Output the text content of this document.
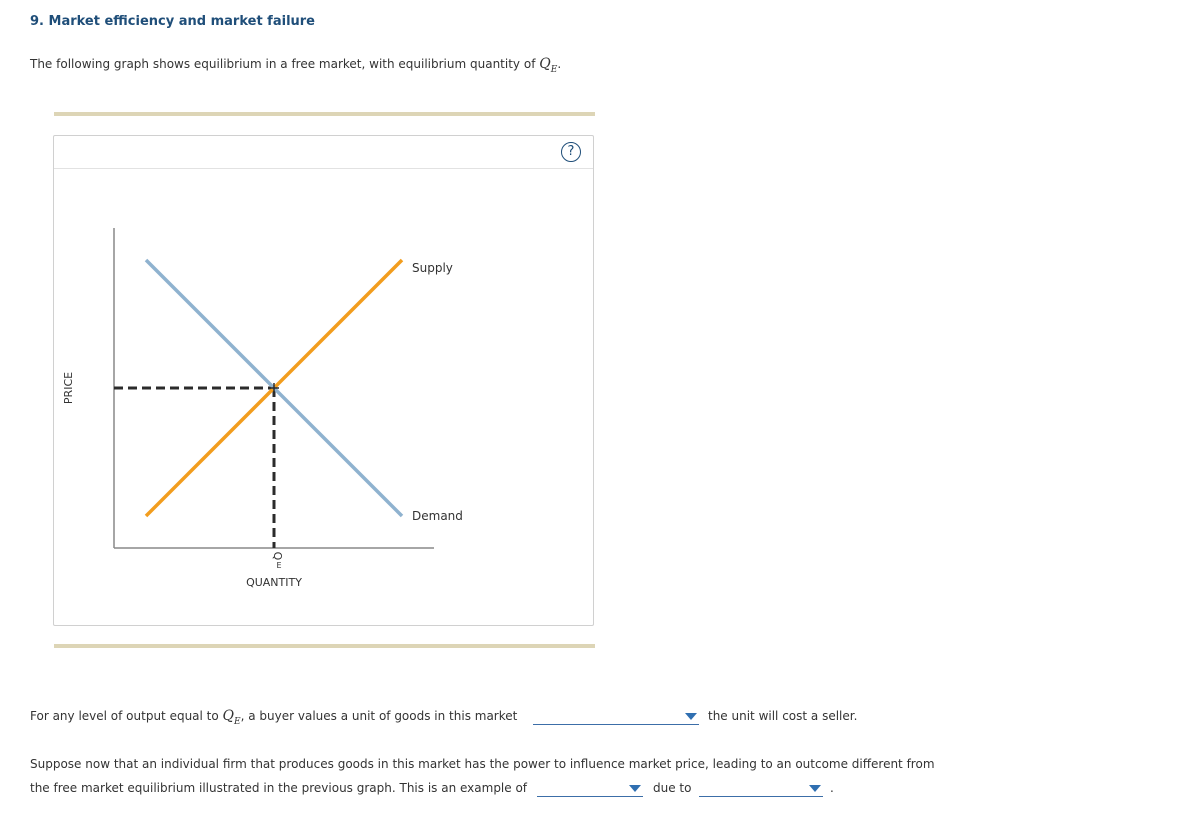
9. Market efficiency and market failure
The following graph shows equilibrium in a free market, with equilibrium quantity of $Q_E$.
?
Supply
Demand
PRICE
QUANTITY
Q
E
For any level of output equal to $Q_E$, a buyer values a unit of goods in this market	the unit will cost a seller.
Suppose now that an individual firm that produces goods in this market has the power to influence market price, leading to an outcome different from
the free market equilibrium illustrated in the previous graph. This is an example of	due to	.
